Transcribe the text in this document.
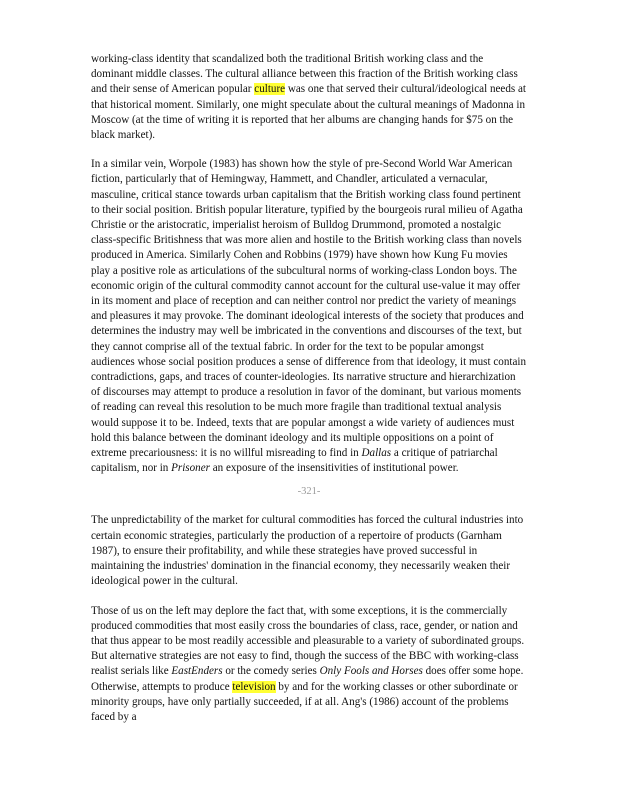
working-class identity that scandalized both the traditional British working class and the dominant middle classes. The cultural alliance between this fraction of the British working class and their sense of American popular culture was one that served their cultural/ideological needs at that historical moment. Similarly, one might speculate about the cultural meanings of Madonna in Moscow (at the time of writing it is reported that her albums are changing hands for $75 on the black market).

In a similar vein, Worpole (1983) has shown how the style of pre-Second World War American fiction, particularly that of Hemingway, Hammett, and Chandler, articulated a vernacular, masculine, critical stance towards urban capitalism that the British working class found pertinent to their social position. British popular literature, typified by the bourgeois rural milieu of Agatha Christie or the aristocratic, imperialist heroism of Bulldog Drummond, promoted a nostalgic class-specific Britishness that was more alien and hostile to the British working class than novels produced in America. Similarly Cohen and Robbins (1979) have shown how Kung Fu movies play a positive role as articulations of the subcultural norms of working-class London boys. The economic origin of the cultural commodity cannot account for the cultural use-value it may offer in its moment and place of reception and can neither control nor predict the variety of meanings and pleasures it may provoke. The dominant ideological interests of the society that produces and determines the industry may well be imbricated in the conventions and discourses of the text, but they cannot comprise all of the textual fabric. In order for the text to be popular amongst audiences whose social position produces a sense of difference from that ideology, it must contain contradictions, gaps, and traces of counter-ideologies. Its narrative structure and hierarchization of discourses may attempt to produce a resolution in favor of the dominant, but various moments of reading can reveal this resolution to be much more fragile than traditional textual analysis would suppose it to be. Indeed, texts that are popular amongst a wide variety of audiences must hold this balance between the dominant ideology and its multiple oppositions on a point of extreme precariousness: it is no willful misreading to find in Dallas a critique of patriarchal capitalism, nor in Prisoner an exposure of the insensitivities of institutional power.

-321-

The unpredictability of the market for cultural commodities has forced the cultural industries into certain economic strategies, particularly the production of a repertoire of products (Garnham 1987), to ensure their profitability, and while these strategies have proved successful in maintaining the industries' domination in the financial economy, they necessarily weaken their ideological power in the cultural.

Those of us on the left may deplore the fact that, with some exceptions, it is the commercially produced commodities that most easily cross the boundaries of class, race, gender, or nation and that thus appear to be most readily accessible and pleasurable to a variety of subordinated groups. But alternative strategies are not easy to find, though the success of the BBC with working-class realist serials like EastEnders or the comedy series Only Fools and Horses does offer some hope. Otherwise, attempts to produce television by and for the working classes or other subordinate or minority groups, have only partially succeeded, if at all. Ang's (1986) account of the problems faced by a
